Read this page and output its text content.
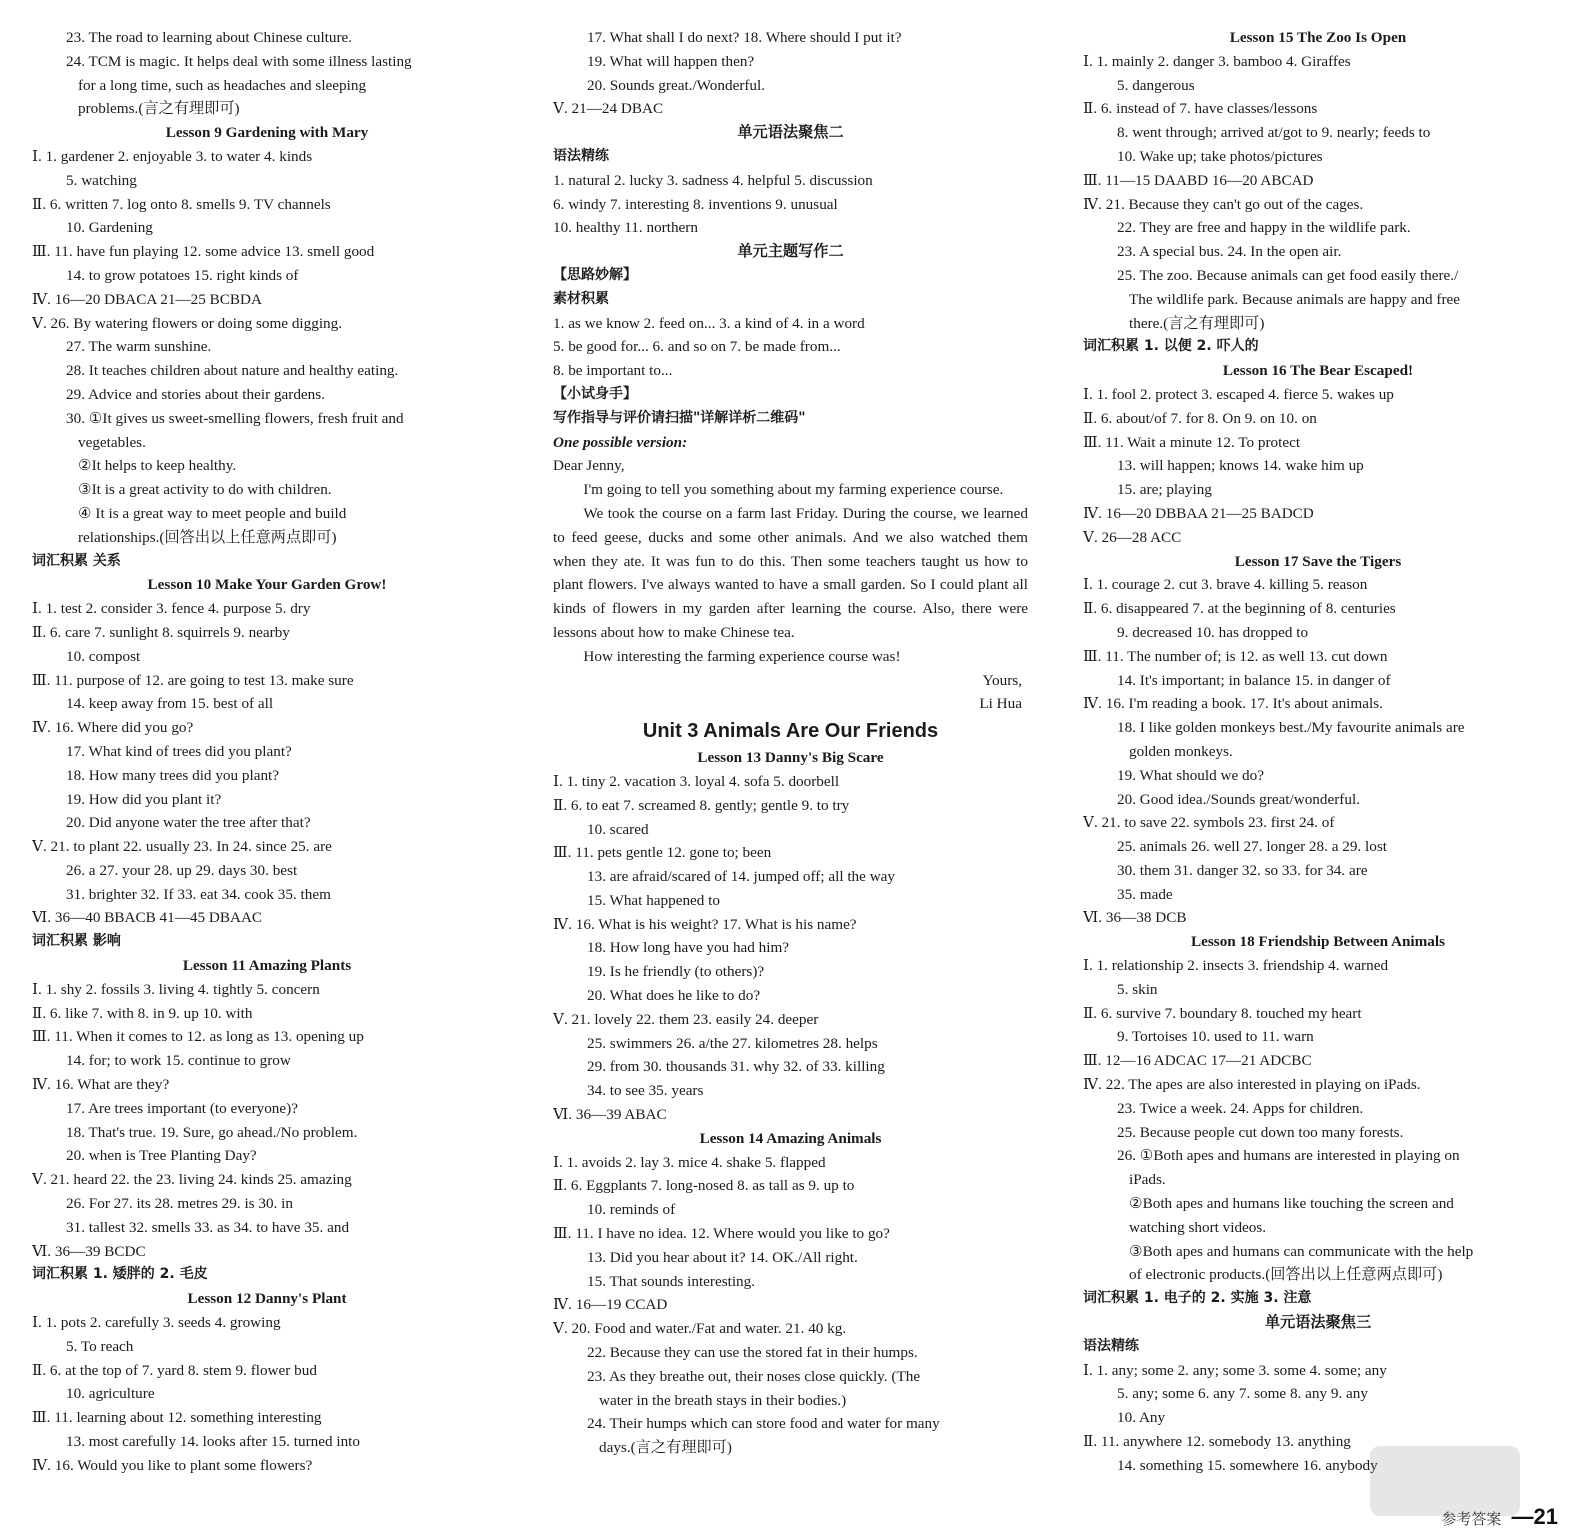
23. The road to learning about Chinese culture.
24. TCM is magic. It helps deal with some illness lasting
for a long time, such as headaches and sleeping
problems.(言之有理即可)
Lesson 9 Gardening with Mary
Ⅰ. 1. gardener 2. enjoyable 3. to water 4. kinds
5. watching
Ⅱ. 6. written 7. log onto 8. smells 9. TV channels
10. Gardening
Ⅲ. 11. have fun playing 12. some advice 13. smell good
14. to grow potatoes 15. right kinds of
Ⅳ. 16—20 DBACA 21—25 BCBDA
Ⅴ. 26. By watering flowers or doing some digging.
27. The warm sunshine.
28. It teaches children about nature and healthy eating.
29. Advice and stories about their gardens.
30. ①It gives us sweet-smelling flowers, fresh fruit and
vegetables.
②It helps to keep healthy.
③It is a great activity to do with children.
④ It is a great way to meet people and build
relationships.(回答出以上任意两点即可)
词汇积累 关系
Lesson 10 Make Your Garden Grow!
Ⅰ. 1. test 2. consider 3. fence 4. purpose 5. dry
Ⅱ. 6. care 7. sunlight 8. squirrels 9. nearby
10. compost
Ⅲ. 11. purpose of 12. are going to test 13. make sure
14. keep away from 15. best of all
Ⅳ. 16. Where did you go?
17. What kind of trees did you plant?
18. How many trees did you plant?
19. How did you plant it?
20. Did anyone water the tree after that?
Ⅴ. 21. to plant 22. usually 23. In 24. since 25. are
26. a 27. your 28. up 29. days 30. best
31. brighter 32. If 33. eat 34. cook 35. them
Ⅵ. 36—40 BBACB 41—45 DBAAC
词汇积累 影响
Lesson 11 Amazing Plants
Ⅰ. 1. shy 2. fossils 3. living 4. tightly 5. concern
Ⅱ. 6. like 7. with 8. in 9. up 10. with
Ⅲ. 11. When it comes to 12. as long as 13. opening up
14. for; to work 15. continue to grow
Ⅳ. 16. What are they?
17. Are trees important (to everyone)?
18. That's true. 19. Sure, go ahead./No problem.
20. when is Tree Planting Day?
Ⅴ. 21. heard 22. the 23. living 24. kinds 25. amazing
26. For 27. its 28. metres 29. is 30. in
31. tallest 32. smells 33. as 34. to have 35. and
Ⅵ. 36—39 BCDC
词汇积累 1. 矮胖的 2. 毛皮
Lesson 12 Danny's Plant
Ⅰ. 1. pots 2. carefully 3. seeds 4. growing
5. To reach
Ⅱ. 6. at the top of 7. yard 8. stem 9. flower bud
10. agriculture
Ⅲ. 11. learning about 12. something interesting
13. most carefully 14. looks after 15. turned into
Ⅳ. 16. Would you like to plant some flowers?
17. What shall I do next? 18. Where should I put it?
19. What will happen then?
20. Sounds great./Wonderful.
Ⅴ. 21—24 DBAC
单元语法聚焦二
语法精练
1. natural 2. lucky 3. sadness 4. helpful 5. discussion
6. windy 7. interesting 8. inventions 9. unusual
10. healthy 11. northern
单元主题写作二
【思路妙解】
素材积累
1. as we know 2. feed on... 3. a kind of 4. in a word
5. be good for... 6. and so on 7. be made from...
8. be important to...
【小试身手】
写作指导与评价请扫描"详解详析二维码"
One possible version:
Dear Jenny,
I'm going to tell you something about my farming experience course.
We took the course on a farm last Friday. During the course, we learned to feed geese, ducks and some other animals. And we also watched them when they ate. It was fun to do this. Then some teachers taught us how to plant flowers. I've always wanted to have a small garden. So I could plant all kinds of flowers in my garden after learning the course. Also, there were lessons about how to make Chinese tea.
How interesting the farming experience course was!
Yours,
Li Hua
Unit 3 Animals Are Our Friends
Lesson 13 Danny's Big Scare
Ⅰ. 1. tiny 2. vacation 3. loyal 4. sofa 5. doorbell
Ⅱ. 6. to eat 7. screamed 8. gently; gentle 9. to try
10. scared
Ⅲ. 11. pets gentle 12. gone to; been
13. are afraid/scared of 14. jumped off; all the way
15. What happened to
Ⅳ. 16. What is his weight? 17. What is his name?
18. How long have you had him?
19. Is he friendly (to others)?
20. What does he like to do?
Ⅴ. 21. lovely 22. them 23. easily 24. deeper
25. swimmers 26. a/the 27. kilometres 28. helps
29. from 30. thousands 31. why 32. of 33. killing
34. to see 35. years
Ⅵ. 36—39 ABAC
Lesson 14 Amazing Animals
Ⅰ. 1. avoids 2. lay 3. mice 4. shake 5. flapped
Ⅱ. 6. Eggplants 7. long-nosed 8. as tall as 9. up to
10. reminds of
Ⅲ. 11. I have no idea. 12. Where would you like to go?
13. Did you hear about it? 14. OK./All right.
15. That sounds interesting.
Ⅳ. 16—19 CCAD
Ⅴ. 20. Food and water./Fat and water. 21. 40 kg.
22. Because they can use the stored fat in their humps.
23. As they breathe out, their noses close quickly. (The
water in the breath stays in their bodies.)
24. Their humps which can store food and water for many
days.(言之有理即可)
Lesson 15 The Zoo Is Open
Ⅰ. 1. mainly 2. danger 3. bamboo 4. Giraffes
5. dangerous
Ⅱ. 6. instead of 7. have classes/lessons
8. went through; arrived at/got to 9. nearly; feeds to
10. Wake up; take photos/pictures
Ⅲ. 11—15 DAABD 16—20 ABCAD
Ⅳ. 21. Because they can't go out of the cages.
22. They are free and happy in the wildlife park.
23. A special bus. 24. In the open air.
25. The zoo. Because animals can get food easily there./
The wildlife park. Because animals are happy and free
there.(言之有理即可)
词汇积累 1. 以便 2. 吓人的
Lesson 16 The Bear Escaped!
Ⅰ. 1. fool 2. protect 3. escaped 4. fierce 5. wakes up
Ⅱ. 6. about/of 7. for 8. On 9. on 10. on
Ⅲ. 11. Wait a minute 12. To protect
13. will happen; knows 14. wake him up
15. are; playing
Ⅳ. 16—20 DBBAA 21—25 BADCD
Ⅴ. 26—28 ACC
Lesson 17 Save the Tigers
Ⅰ. 1. courage 2. cut 3. brave 4. killing 5. reason
Ⅱ. 6. disappeared 7. at the beginning of 8. centuries
9. decreased 10. has dropped to
Ⅲ. 11. The number of; is 12. as well 13. cut down
14. It's important; in balance 15. in danger of
Ⅳ. 16. I'm reading a book. 17. It's about animals.
18. I like golden monkeys best./My favourite animals are
golden monkeys.
19. What should we do?
20. Good idea./Sounds great/wonderful.
Ⅴ. 21. to save 22. symbols 23. first 24. of
25. animals 26. well 27. longer 28. a 29. lost
30. them 31. danger 32. so 33. for 34. are
35. made
Ⅵ. 36—38 DCB
Lesson 18 Friendship Between Animals
Ⅰ. 1. relationship 2. insects 3. friendship 4. warned
5. skin
Ⅱ. 6. survive 7. boundary 8. touched my heart
9. Tortoises 10. used to 11. warn
Ⅲ. 12—16 ADCAC 17—21 ADCBC
Ⅳ. 22. The apes are also interested in playing on iPads.
23. Twice a week. 24. Apps for children.
25. Because people cut down too many forests.
26. ①Both apes and humans are interested in playing on
iPads.
②Both apes and humans like touching the screen and
watching short videos.
③Both apes and humans can communicate with the help
of electronic products.(回答出以上任意两点即可)
词汇积累 1. 电子的 2. 实施 3. 注意
单元语法聚焦三
语法精练
Ⅰ. 1. any; some 2. any; some 3. some 4. some; any
5. any; some 6. any 7. some 8. any 9. any
10. Any
Ⅱ. 11. anywhere 12. somebody 13. anything
14. something 15. somewhere 16. anybody
参考答案 —21
